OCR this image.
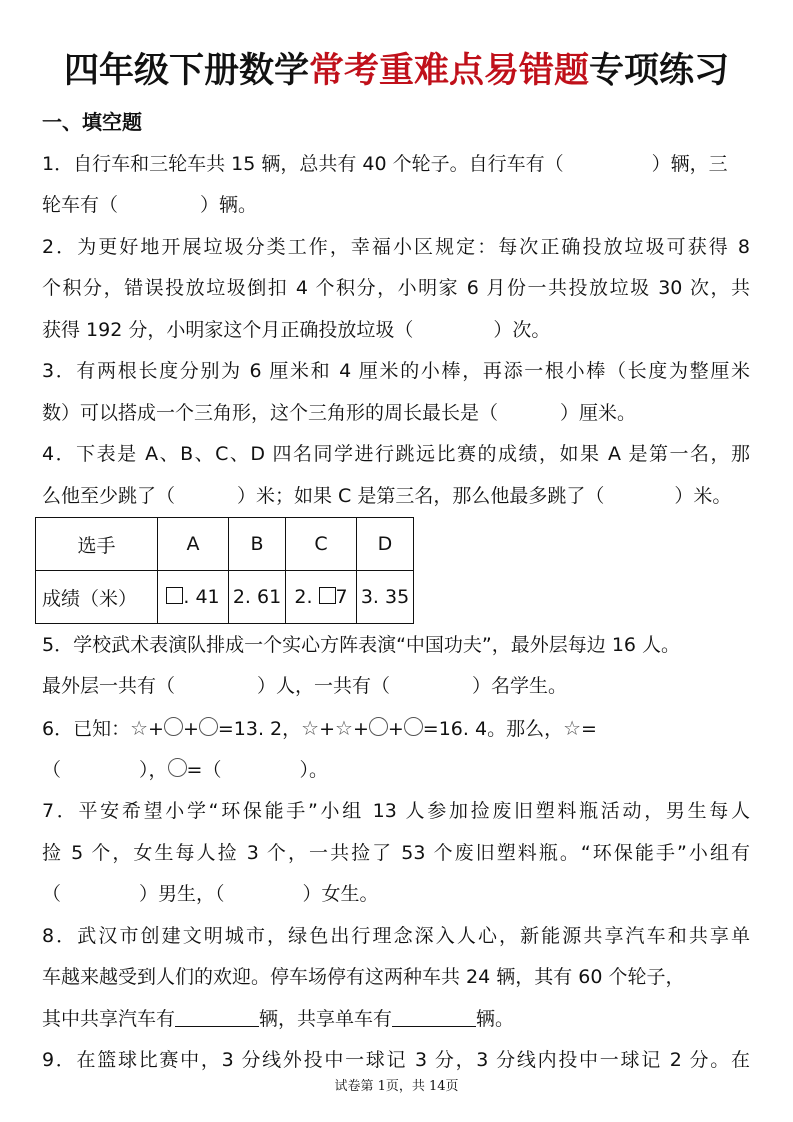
四年级下册数学常考重难点易错题专项练习
一、填空题
1．自行车和三轮车共 15 辆，总共有 40 个轮子。自行车有（	）辆，三
轮车有（	）辆。
2．为更好地开展垃圾分类工作，幸福小区规定：每次正确投放垃圾可获得 8
个积分，错误投放垃圾倒扣 4 个积分，小明家 6 月份一共投放垃圾 30 次，共
获得 192 分，小明家这个月正确投放垃圾（	）次。
3．有两根长度分别为 6 厘米和 4 厘米的小棒，再添一根小棒（长度为整厘米
数）可以搭成一个三角形，这个三角形的周长最长是（	）厘米。
4．下表是 A、B、C、D 四名同学进行跳远比赛的成绩，如果 A 是第一名，那
么他至少跳了（	）米；如果 C 是第三名，那么他最多跳了（	）米。
选手	A	B	C	D
成绩（米）	. 41	2. 61	2. 7	3. 35
5．学校武术表演队排成一个实心方阵表演“中国功夫”，最外层每边 16 人。
最外层一共有（	）人，一共有（	）名学生。
6．已知：☆+ + =13. 2，☆+☆+ + =16. 4。那么，☆=
（	）， =（	）。
7．平安希望小学“环保能手”小组 13 人参加捡废旧塑料瓶活动，男生每人
捡 5 个，女生每人捡 3 个，一共捡了 53 个废旧塑料瓶。“环保能手”小组有
（	）男生，（	）女生。
8．武汉市创建文明城市，绿色出行理念深入人心，新能源共享汽车和共享单
车越来越受到人们的欢迎。停车场停有这两种车共 24 辆，其有 60 个轮子，
其中共享汽车有	辆，共享单车有	辆。
9．在篮球比赛中，3 分线外投中一球记 3 分，3 分线内投中一球记 2 分。在
试卷第 1页，共 14页
